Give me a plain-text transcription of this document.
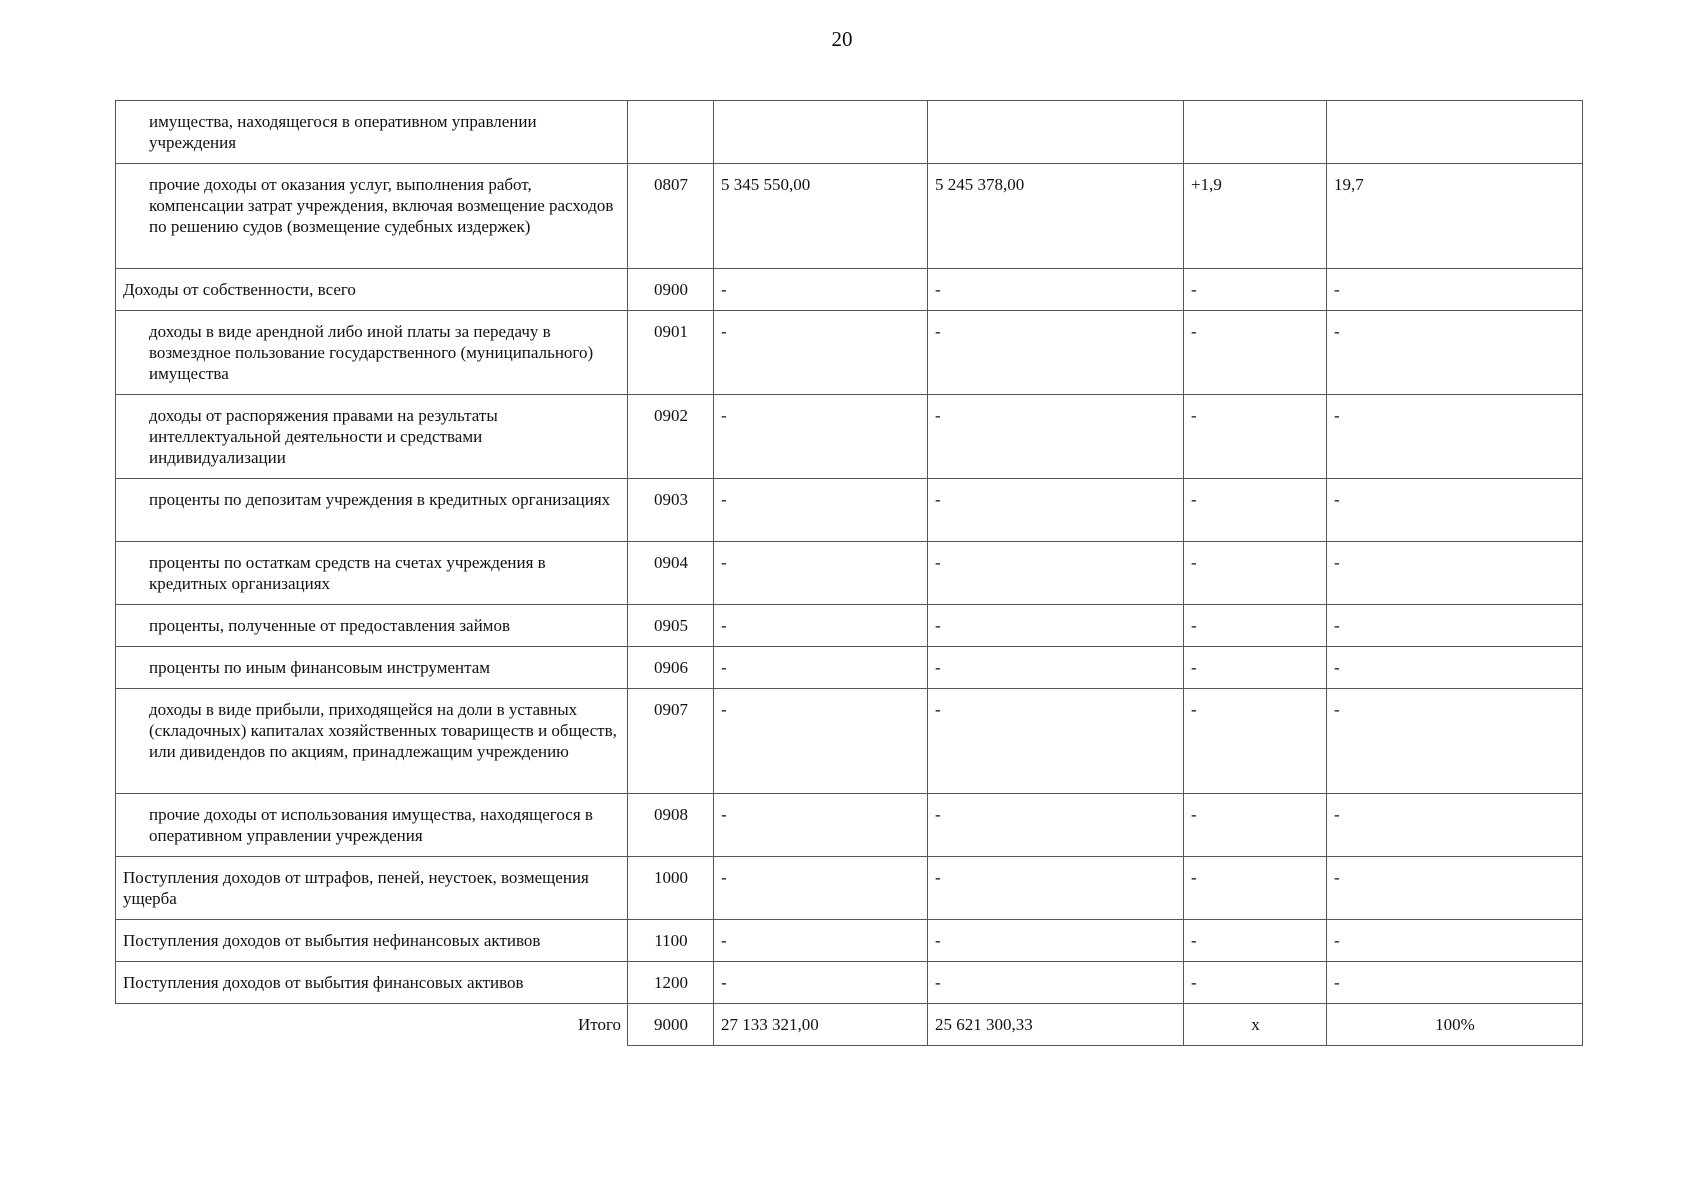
20
имущества, находящегося в оперативном управлении учреждения					
прочие доходы от оказания услуг, выполнения работ, компенсации затрат учреждения, включая возмещение расходов по решению судов (возмещение судебных издержек)	0807	5 345 550,00	5 245 378,00	+1,9	19,7
Доходы от собственности, всего	0900	-	-	-	-
доходы в виде арендной либо иной платы за передачу в возмездное пользование государственного (муниципального) имущества	0901	-	-	-	-
доходы от распоряжения правами на результаты интеллектуальной деятельности и средствами индивидуализации	0902	-	-	-	-
проценты по депозитам учреждения в кредитных организациях	0903	-	-	-	-
проценты по остаткам средств на счетах учреждения в кредитных организациях	0904	-	-	-	-
проценты, полученные от предоставления займов	0905	-	-	-	-
проценты по иным финансовым инструментам	0906	-	-	-	-
доходы в виде прибыли, приходящейся на доли в уставных (складочных) капиталах хозяйственных товариществ и обществ, или дивидендов по акциям, принадлежащим учреждению	0907	-	-	-	-
прочие доходы от использования имущества, находящегося в оперативном управлении учреждения	0908	-	-	-	-
Поступления доходов от штрафов, пеней, неустоек, возмещения ущерба	1000	-	-	-	-
Поступления доходов от выбытия нефинансовых активов	1100	-	-	-	-
Поступления доходов от выбытия финансовых активов	1200	-	-	-	-
Итого	9000	27 133 321,00	25 621 300,33	х	100%
